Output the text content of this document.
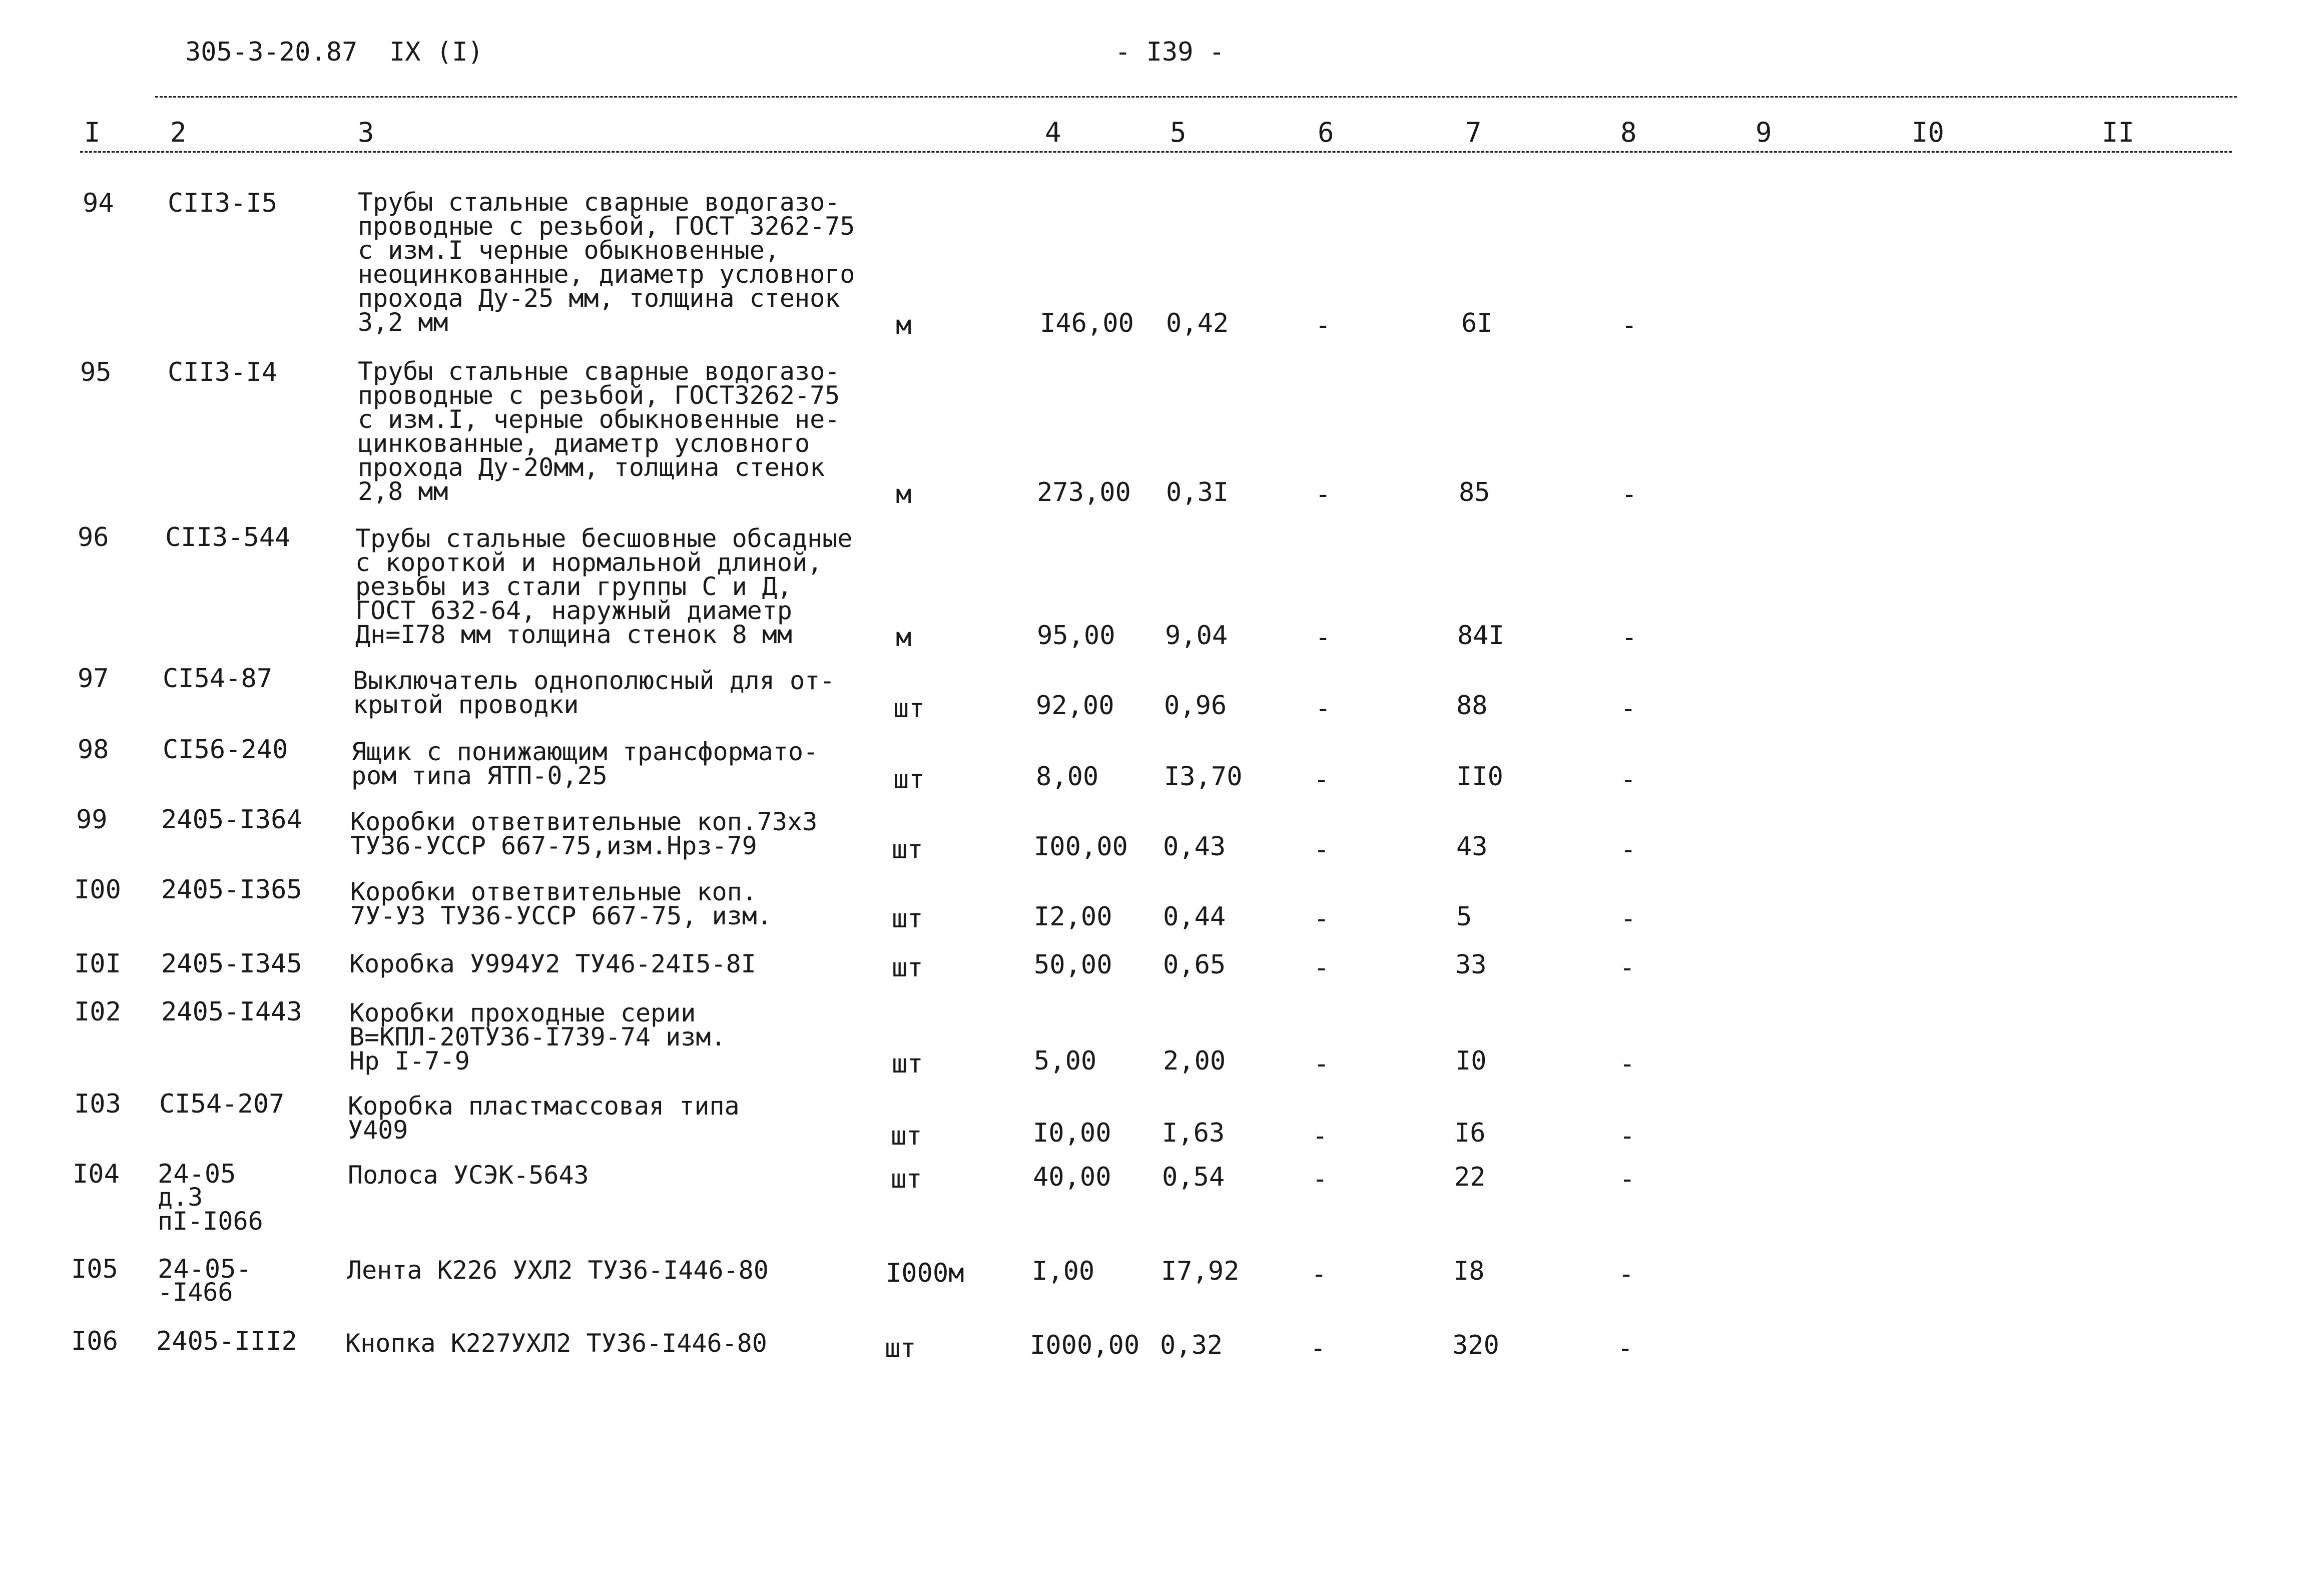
305-3-20.87 IX (I)	- I39 -
I	2	3	4	5	6	7	8	9	I0	II
94 CII3-I5	Трубы стальные сварные водогазо-
проводные с резьбой, ГОСТ 3262-75
с изм.I черные обыкновенные,
неоцинкованные, диаметр условного
прохода Ду-25 мм, толщина стенок
3,2 мм	м	I46,00 0,42	-	6I	-
95 CII3-I4	Трубы стальные сварные водогазо-
проводные с резьбой, ГОСТ3262-75
с изм.I, черные обыкновенные не-
цинкованные, диаметр условного
прохода Ду-20мм, толщина стенок
2,8 мм	м	273,00 0,3I	-	85	-
96 CII3-544	Трубы стальные бесшовные обсадные
с короткой и нормальной длиной,
резьбы из стали группы С и Д,
ГОСТ 632-64, наружный диаметр
Дн=I78 мм толщина стенок 8 мм	м	95,00 9,04	-	84I	-
97 CI54-87	Выключатель однополюсный для от-
крытой проводки	шт	92,00 0,96	-	88	-
98 CI56-240	Ящик с понижающим трансформато-
ром типа ЯТП-0,25	шт	8,00	I3,70	-	II0	-
99 2405-I364 Коробки ответвительные коп.73х3
ТУ36-УССР 667-75,изм.Нрз-79	шт	I00,00 0,43	-	43	-
I00 2405-I365 Коробки ответвительные коп.
7У-У3 ТУ36-УССР 667-75, изм.	шт	I2,00 0,44	-	5	-
I0I 2405-I345 Коробка У994У2 ТУ46-24I5-8I	шт	50,00 0,65	-	33	-
I02 2405-I443 Коробки проходные серии
В=КПЛ-20ТУ36-I739-74 изм.
Нр I-7-9	шт	5,00	2,00	-	I0	-
I03 CI54-207	Коробка пластмассовая типа
У409	шт	I0,00 I,63	-	I6	-
I04 24-05
д.3
пI-I066
Полоса УСЭК-5643	шт	40,00 0,54	-	22	-
I05 24-05-
-I466
Лента К226 УХЛ2 ТУ36-I446-80	I000м	I,00	I7,92	-	I8	-
I06 2405-III2 Кнопка К227УХЛ2 ТУ36-I446-80	шт	I000,00 0,32	-	320	-
